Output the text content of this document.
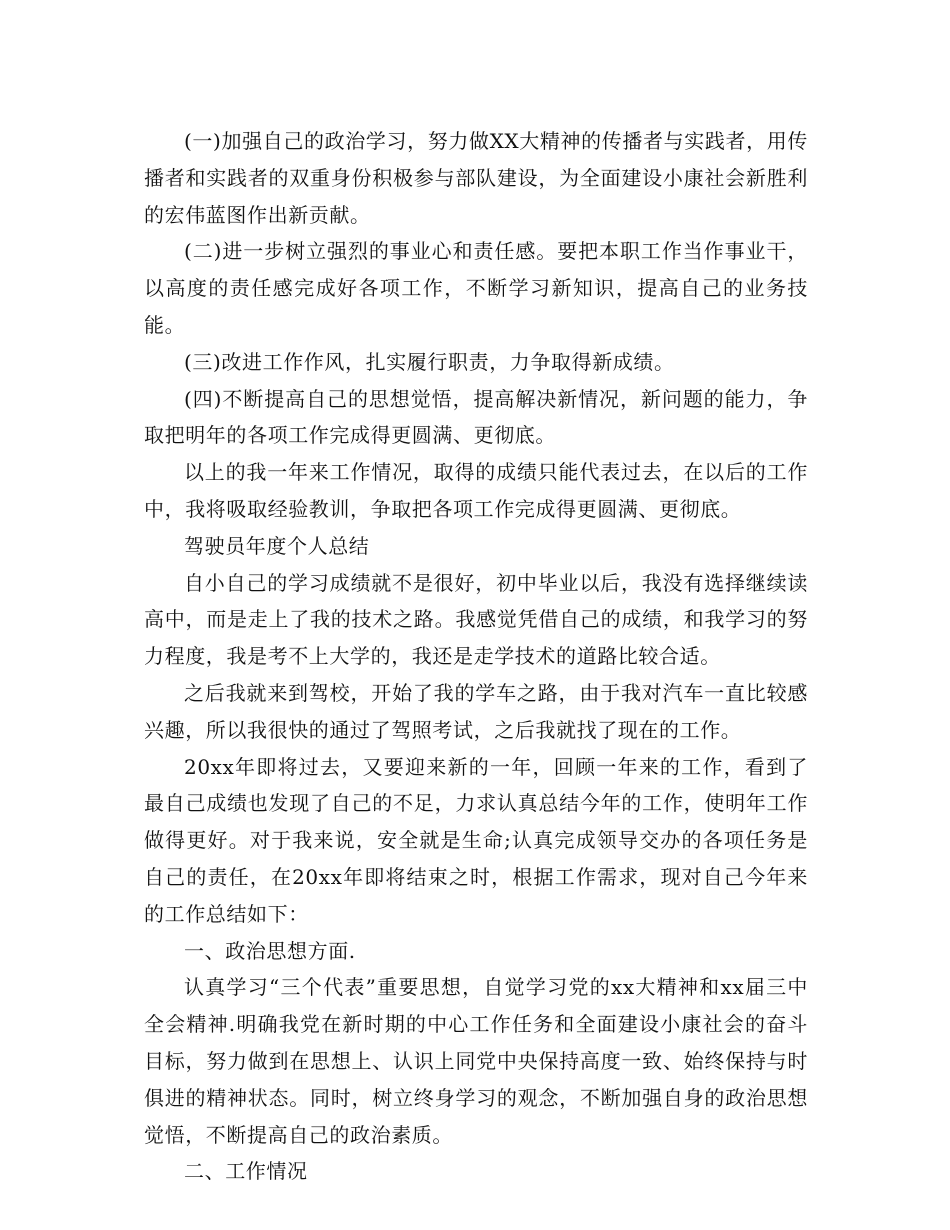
(一)加强自己的政治学习，努力做XX大精神的传播者与实践者，用传播者和实践者的双重身份积极参与部队建设，为全面建设小康社会新胜利的宏伟蓝图作出新贡献。

(二)进一步树立强烈的事业心和责任感。要把本职工作当作事业干，以高度的责任感完成好各项工作，不断学习新知识，提高自己的业务技能。

(三)改进工作作风，扎实履行职责，力争取得新成绩。

(四)不断提高自己的思想觉悟，提高解决新情况，新问题的能力，争取把明年的各项工作完成得更圆满、更彻底。

以上的我一年来工作情况，取得的成绩只能代表过去，在以后的工作中，我将吸取经验教训，争取把各项工作完成得更圆满、更彻底。

驾驶员年度个人总结

自小自己的学习成绩就不是很好，初中毕业以后，我没有选择继续读高中，而是走上了我的技术之路。我感觉凭借自己的成绩，和我学习的努力程度，我是考不上大学的，我还是走学技术的道路比较合适。

之后我就来到驾校，开始了我的学车之路，由于我对汽车一直比较感兴趣，所以我很快的通过了驾照考试，之后我就找了现在的工作。

20xx年即将过去，又要迎来新的一年，回顾一年来的工作，看到了最自己成绩也发现了自己的不足，力求认真总结今年的工作，使明年工作做得更好。对于我来说，安全就是生命;认真完成领导交办的各项任务是自己的责任，在20xx年即将结束之时，根据工作需求，现对自己今年来的工作总结如下：

一、政治思想方面.

认真学习“三个代表”重要思想，自觉学习党的xx大精神和xx届三中全会精神.明确我党在新时期的中心工作任务和全面建设小康社会的奋斗目标，努力做到在思想上、认识上同党中央保持高度一致、始终保持与时俱进的精神状态。同时，树立终身学习的观念，不断加强自身的政治思想觉悟，不断提高自己的政治素质。

二、工作情况
